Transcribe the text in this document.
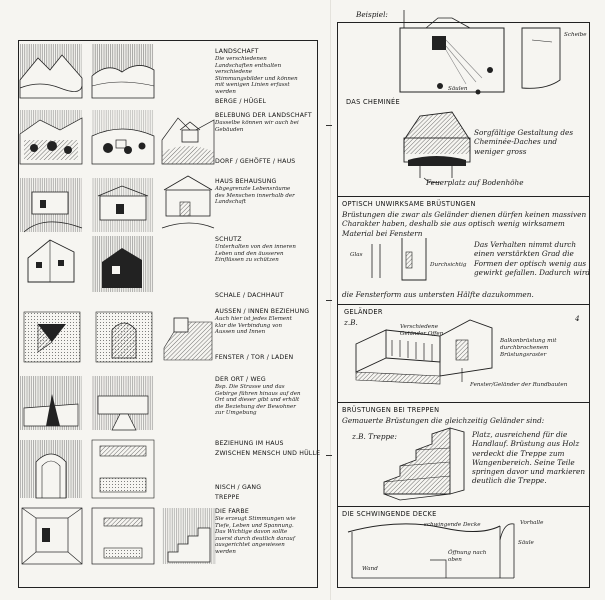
LANDSCHAFT
Die verschiedenen Landschaften enthalten verschiedene Stimmungsbilder und können mit wenigen Linien erfasst werden
BERGE / HÜGEL
BELEBUNG DER LANDSCHAFT
Dasselbe können wir auch bei Gebäuden
DORF / GEHÖFTE / HAUS
HAUS BEHAUSUNG
Abgegrenzte Lebensräume des Menschen innerhalb der Landschaft
SCHUTZ
Unterhalten von den inneren Leben und den äusseren Einflüssen zu schützen
SCHALE / DACHHAUT
AUSSEN / INNEN BEZIEHUNG
Auch hier ist jedes Element klar die Verbindung von Aussen und Innen
FENSTER / TOR / LADEN
DER ORT / WEG
Bsp. Die Strasse und das Gebirge führen hinaus auf den Ort und dieser gibt und erhält die Beziehung der Bewohner zur Umgebung
BEZIEHUNG IM HAUS
ZWISCHEN MENSCH UND HÜLLE
NISCH / GANG
TREPPE
DIE FARBE
Sie erzeugt Stimmungen wie Tiefe, Leben und Spannung. Das Wichtige davon sollte zuerst durch deutlich darauf ausgerichtet angewiesen werden
Beispiel:
Säulen
Scheibe
DAS CHEMINÉE
Sorgfältige Gestaltung des Cheminée-Daches und weniger gross
Feuerplatz auf Bodenhöhe
OPTISCH UNWIRKSAME BRÜSTUNGEN
Brüstungen die zwar als Geländer dienen dürfen keinen massiven Charakter haben, deshalb sie aus optisch wenig wirksamem Material bei Fenstern
Glas
Durchsichtig
Das Verhalten nimmt durch einen verstärkten Grad die Formen der optisch wenig aus gewirkt gefallen. Dadurch wird
die Fensterform aus untersten Hälfte dazukommen.
GELÄNDER
z.B.	4
Verschiedene Geländer Offen
Balkonbrüstung mit durchbrochenem Brüstungsraster
Fenster/Geländer der Rundbauten
BRÜSTUNGEN BEI TREPPEN
Gemauerte Brüstungen die gleichzeitig Geländer sind:
z.B. Treppe:	Platz, ausreichend für die Handlauf. Brüstung aus Holz verdeckt die Treppe zum Wangenbereich. Seine Teile springen davor und markieren deutlich die Treppe.
DIE SCHWINGENDE DECKE
schwingende Decke	Vorhalle
Säule
Öffnung nach oben
Wand
